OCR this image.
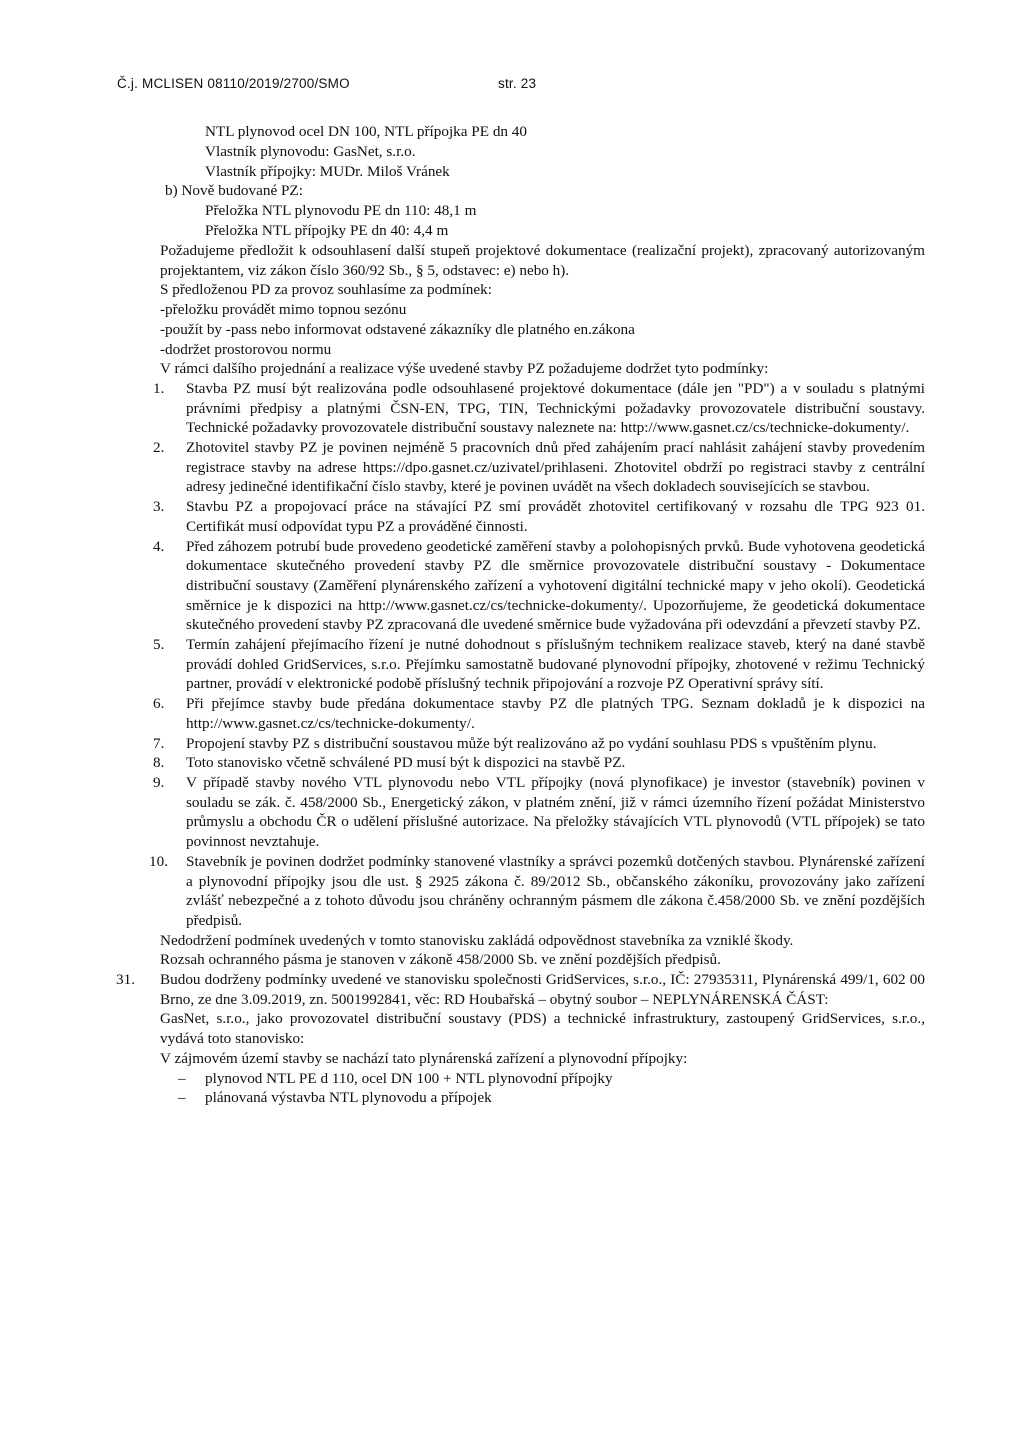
Č.j. MCLISEN 08110/2019/2700/SMO	str. 23
NTL plynovod ocel DN 100, NTL přípojka PE dn 40
Vlastník plynovodu: GasNet, s.r.o.
Vlastník přípojky: MUDr. Miloš Vránek
b) Nově budované PZ:
Přeložka NTL plynovodu PE dn 110: 48,1 m
Přeložka NTL přípojky PE dn 40: 4,4 m
Požadujeme předložit k odsouhlasení další stupeň projektové dokumentace (realizační projekt), zpracovaný autorizovaným projektantem, viz zákon číslo 360/92 Sb., § 5, odstavec: e) nebo h).
S předloženou PD za provoz souhlasíme za podmínek:
-přeložku provádět mimo topnou sezónu
-použít by -pass nebo informovat odstavené zákazníky dle platného en.zákona
-dodržet prostorovou normu
V rámci dalšího projednání a realizace výše uvedené stavby PZ požadujeme dodržet tyto podmínky:
1. Stavba PZ musí být realizována podle odsouhlasené projektové dokumentace (dále jen "PD") a v souladu s platnými právními předpisy a platnými ČSN-EN, TPG, TIN, Technickými požadavky provozovatele distribuční soustavy. Technické požadavky provozovatele distribuční soustavy naleznete na: http://www.gasnet.cz/cs/technicke-dokumenty/.
2. Zhotovitel stavby PZ je povinen nejméně 5 pracovních dnů před zahájením prací nahlásit zahájení stavby provedením registrace stavby na adrese https://dpo.gasnet.cz/uzivatel/prihlaseni. Zhotovitel obdrží po registraci stavby z centrální adresy jedinečné identifikační číslo stavby, které je povinen uvádět na všech dokladech souvisejících se stavbou.
3. Stavbu PZ a propojovací práce na stávající PZ smí provádět zhotovitel certifikovaný v rozsahu dle TPG 923 01. Certifikát musí odpovídat typu PZ a prováděné činnosti.
4. Před záhozem potrubí bude provedeno geodetické zaměření stavby a polohopisných prvků. Bude vyhotovena geodetická dokumentace skutečného provedení stavby PZ dle směrnice provozovatele distribuční soustavy - Dokumentace distribuční soustavy (Zaměření plynárenského zařízení a vyhotovení digitální technické mapy v jeho okolí). Geodetická směrnice je k dispozici na http://www.gasnet.cz/cs/technicke-dokumenty/. Upozorňujeme, že geodetická dokumentace skutečného provedení stavby PZ zpracovaná dle uvedené směrnice bude vyžadována při odevzdání a převzetí stavby PZ.
5. Termín zahájení přejímacího řízení je nutné dohodnout s příslušným technikem realizace staveb, který na dané stavbě provádí dohled GridServices, s.r.o. Přejímku samostatně budované plynovodní přípojky, zhotovené v režimu Technický partner, provádí v elektronické podobě příslušný technik připojování a rozvoje PZ Operativní správy sítí.
6. Při přejímce stavby bude předána dokumentace stavby PZ dle platných TPG. Seznam dokladů je k dispozici na http://www.gasnet.cz/cs/technicke-dokumenty/.
7. Propojení stavby PZ s distribuční soustavou může být realizováno až po vydání souhlasu PDS s vpuštěním plynu.
8. Toto stanovisko včetně schválené PD musí být k dispozici na stavbě PZ.
9. V případě stavby nového VTL plynovodu nebo VTL přípojky (nová plynofikace) je investor (stavebník) povinen v souladu se zák. č. 458/2000 Sb., Energetický zákon, v platném znění, již v rámci územního řízení požádat Ministerstvo průmyslu a obchodu ČR o udělení příslušné autorizace. Na přeložky stávajících VTL plynovodů (VTL přípojek) se tato povinnost nevztahuje.
10. Stavebník je povinen dodržet podmínky stanovené vlastníky a správci pozemků dotčených stavbou. Plynárenské zařízení a plynovodní přípojky jsou dle ust. § 2925 zákona č. 89/2012 Sb., občanského zákoníku, provozovány jako zařízení zvlášť nebezpečné a z tohoto důvodu jsou chráněny ochranným pásmem dle zákona č.458/2000 Sb. ve znění pozdějších předpisů.
Nedodržení podmínek uvedených v tomto stanovisku zakládá odpovědnost stavebníka za vzniklé škody.
Rozsah ochranného pásma je stanoven v zákoně 458/2000 Sb. ve znění pozdějších předpisů.
31. Budou dodrženy podmínky uvedené ve stanovisku společnosti GridServices, s.r.o., IČ: 27935311, Plynárenská 499/1, 602 00 Brno, ze dne 3.09.2019, zn. 5001992841, věc: RD Houbařská – obytný soubor – NEPLYNÁRENSKÁ ČÁST:
GasNet, s.r.o., jako provozovatel distribuční soustavy (PDS) a technické infrastruktury, zastoupený GridServices, s.r.o., vydává toto stanovisko:
V zájmovém území stavby se nachází tato plynárenská zařízení a plynovodní přípojky:
– plynovod NTL PE d 110, ocel DN 100 + NTL plynovodní přípojky
– plánovaná výstavba NTL plynovodu a přípojek
